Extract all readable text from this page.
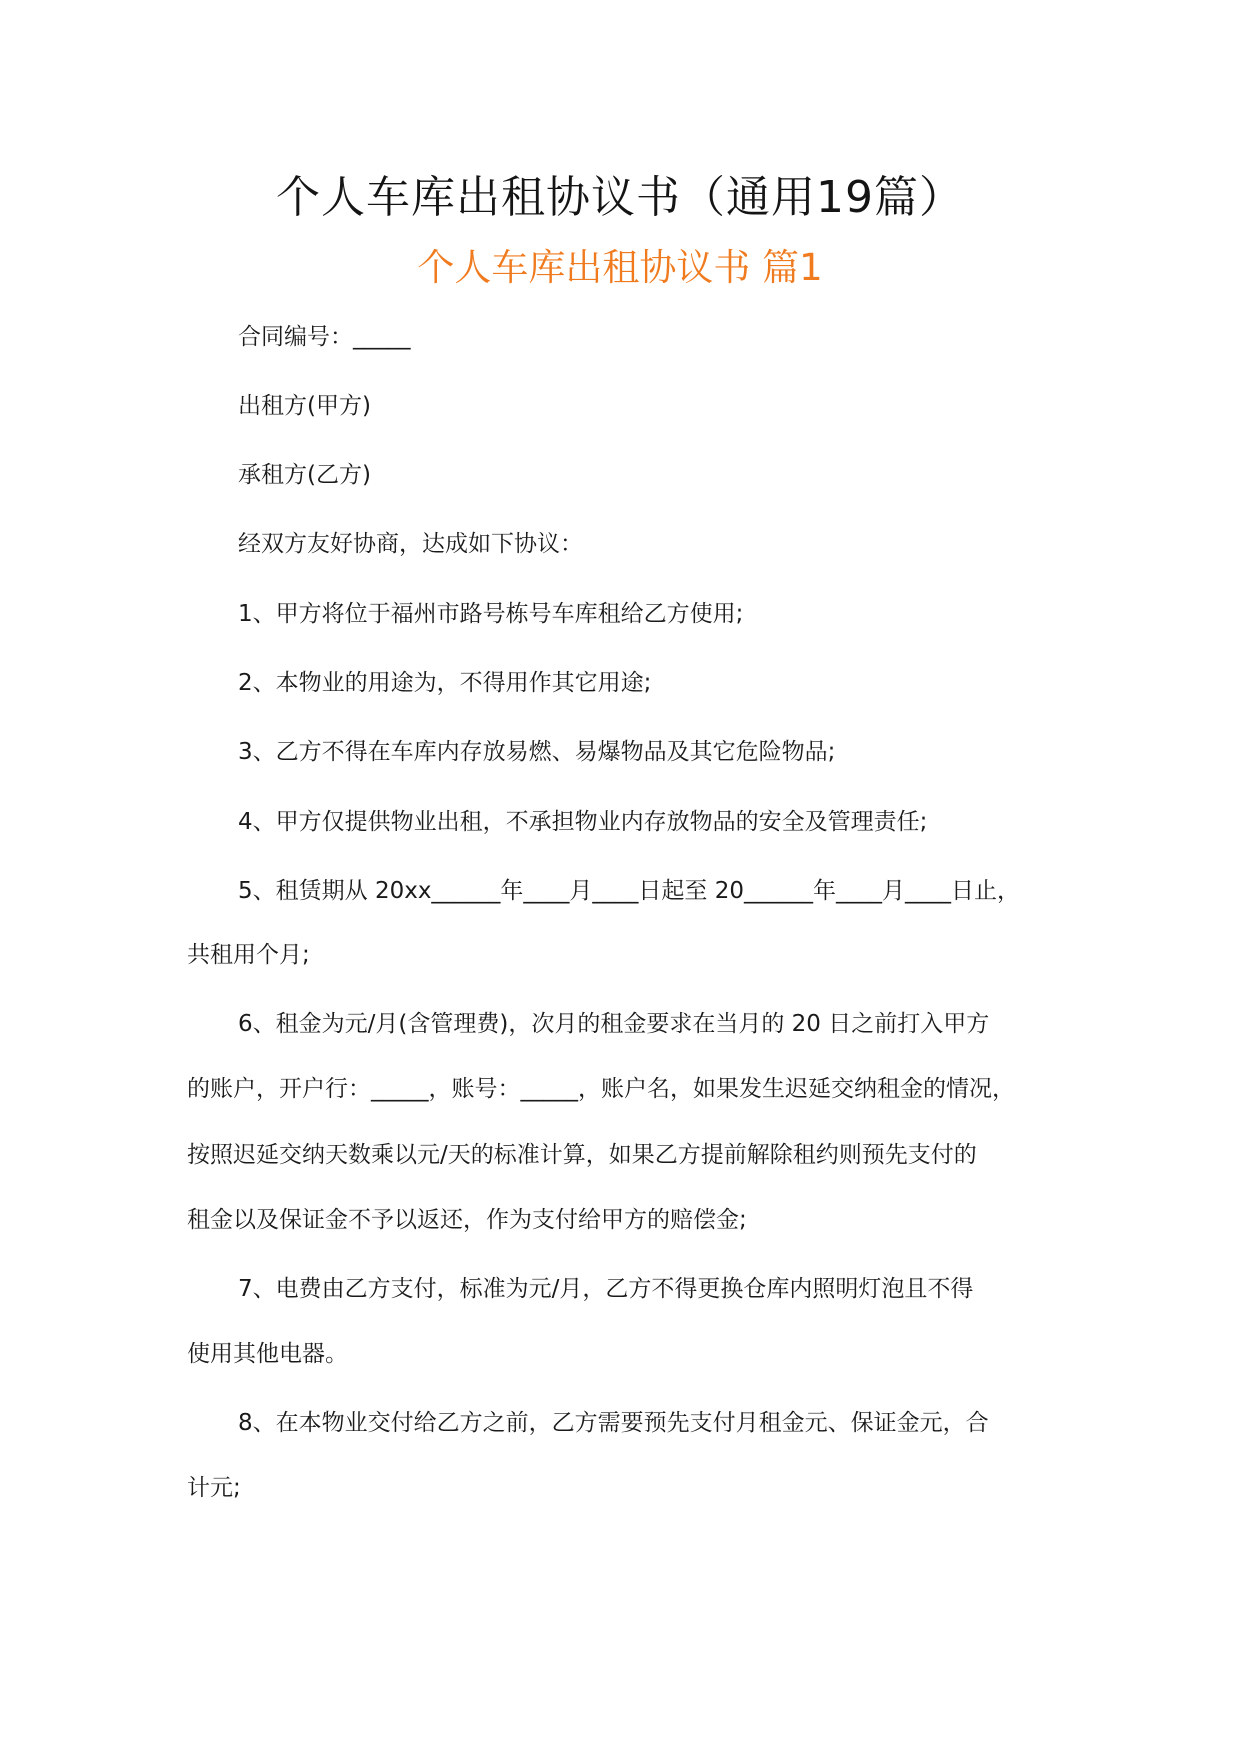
个人车库出租协议书（通用19篇）
个人车库出租协议书 篇1
合同编号：_____
出租方(甲方)
承租方(乙方)
经双方友好协商，达成如下协议：
1、甲方将位于福州市路号栋号车库租给乙方使用;
2、本物业的用途为，不得用作其它用途;
3、乙方不得在车库内存放易燃、易爆物品及其它危险物品;
4、甲方仅提供物业出租，不承担物业内存放物品的安全及管理责任;
5、租赁期从 20xx______年____月____日起至 20______年____月____日止，
共租用个月;
6、租金为元/月(含管理费)，次月的租金要求在当月的 20 日之前打入甲方
的账户，开户行：_____，账号：_____，账户名，如果发生迟延交纳租金的情况，
按照迟延交纳天数乘以元/天的标准计算，如果乙方提前解除租约则预先支付的
租金以及保证金不予以返还，作为支付给甲方的赔偿金;
7、电费由乙方支付，标准为元/月，乙方不得更换仓库内照明灯泡且不得
使用其他电器。
8、在本物业交付给乙方之前，乙方需要预先支付月租金元、保证金元，合
计元;
